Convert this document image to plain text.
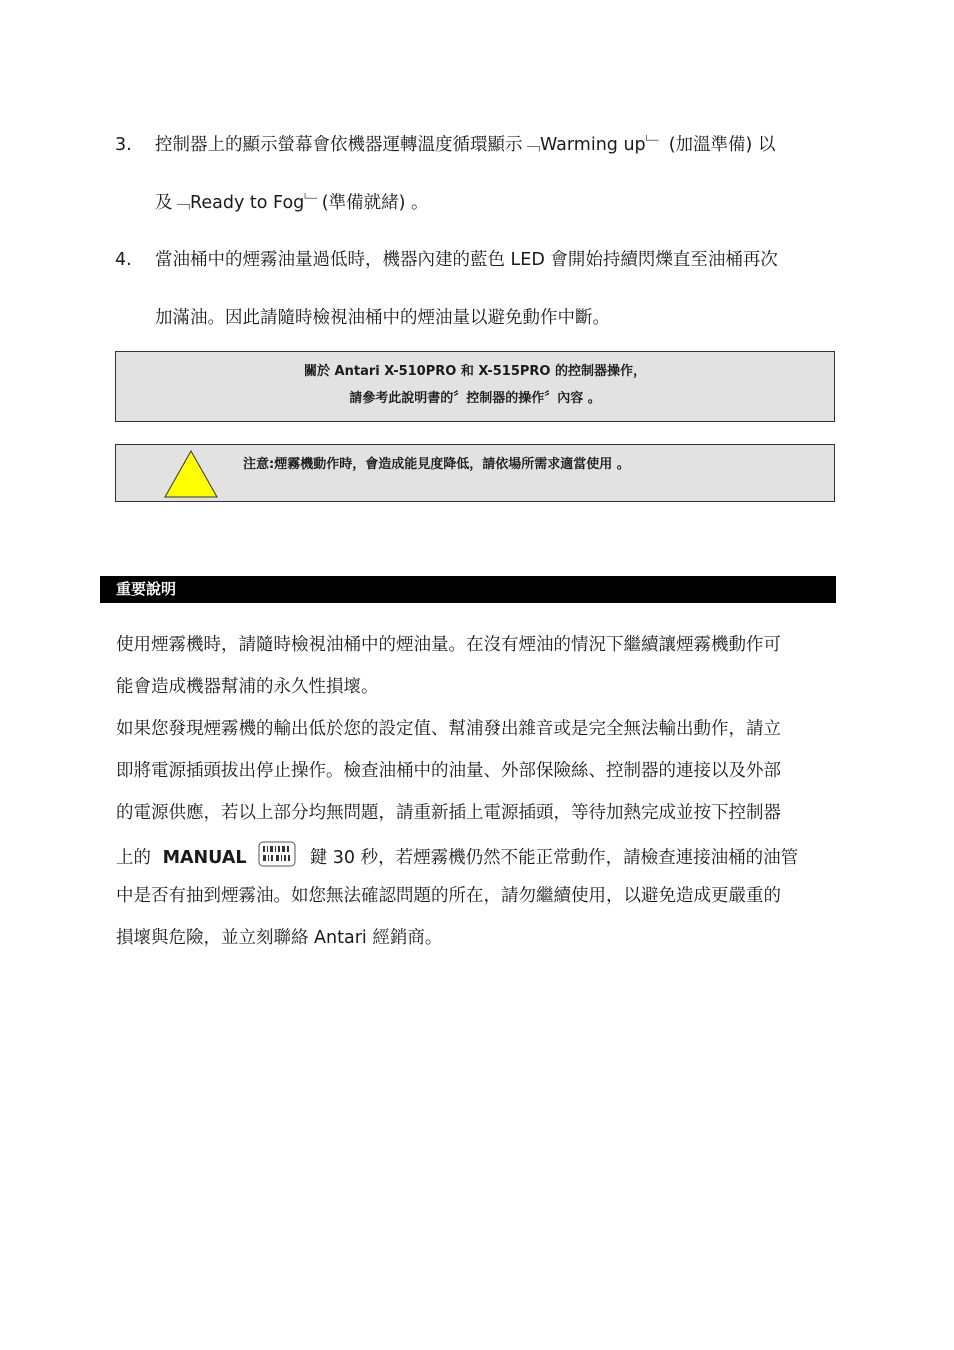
3. 控制器上的顯示螢幕會依機器運轉溫度循環顯示﹁Warming up﹂ (加溫準備) 以
及﹁Ready to Fog﹂(準備就緒) 。
4. 當油桶中的煙霧油量過低時，機器內建的藍色 LED 會開始持續閃爍直至油桶再次
加滿油。因此請隨時檢視油桶中的煙油量以避免動作中斷。
關於 Antari X-510PRO 和 X-515PRO 的控制器操作，
請參考此說明書的〞控制器的操作〞內容 。
注意:煙霧機動作時，會造成能見度降低，請依場所需求適當使用 。
重要說明
使用煙霧機時，請隨時檢視油桶中的煙油量。在沒有煙油的情況下繼續讓煙霧機動作可
能會造成機器幫浦的永久性損壞。
如果您發現煙霧機的輸出低於您的設定值、幫浦發出雜音或是完全無法輸出動作，請立
即將電源插頭拔出停止操作。檢查油桶中的油量、外部保險絲、控制器的連接以及外部
的電源供應，若以上部分均無問題，請重新插上電源插頭，等待加熱完成並按下控制器
上的 MANUAL	鍵 30 秒，若煙霧機仍然不能正常動作，請檢查連接油桶的油管
中是否有抽到煙霧油。如您無法確認問題的所在，請勿繼續使用，以避免造成更嚴重的
損壞與危險，並立刻聯絡 Antari 經銷商。
